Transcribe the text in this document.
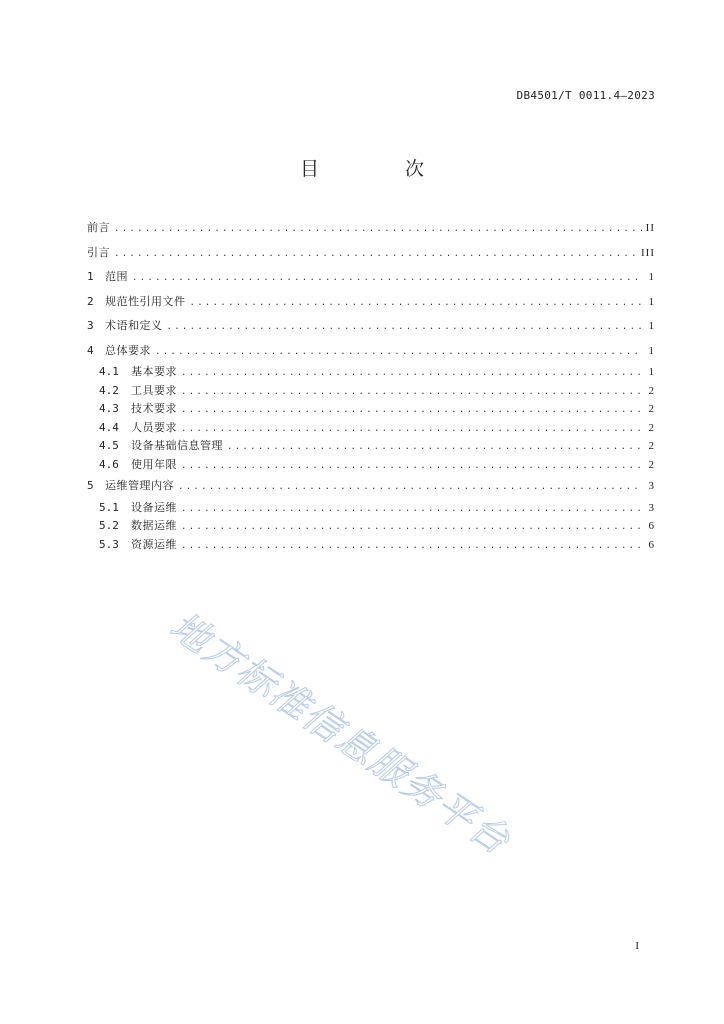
DB4501/T 0011.4—2023
目 次
前言 .....	II
引言 .....	III
1	范围 .....	1
2	规范性引用文件 .....	1
3	术语和定义 .....	1
4	总体要求 .....	1
4.1	基本要求 .....	1
4.2	工具要求 .....	2
4.3	技术要求 .....	2
4.4	人员要求 .....	2
4.5	设备基础信息管理 .....	2
4.6	使用年限 .....	2
5	运维管理内容 .....	3
5.1	设备运维 .....	3
5.2	数据运维 .....	6
5.3	资源运维 .....	6
地方标准信息服务平台
I
